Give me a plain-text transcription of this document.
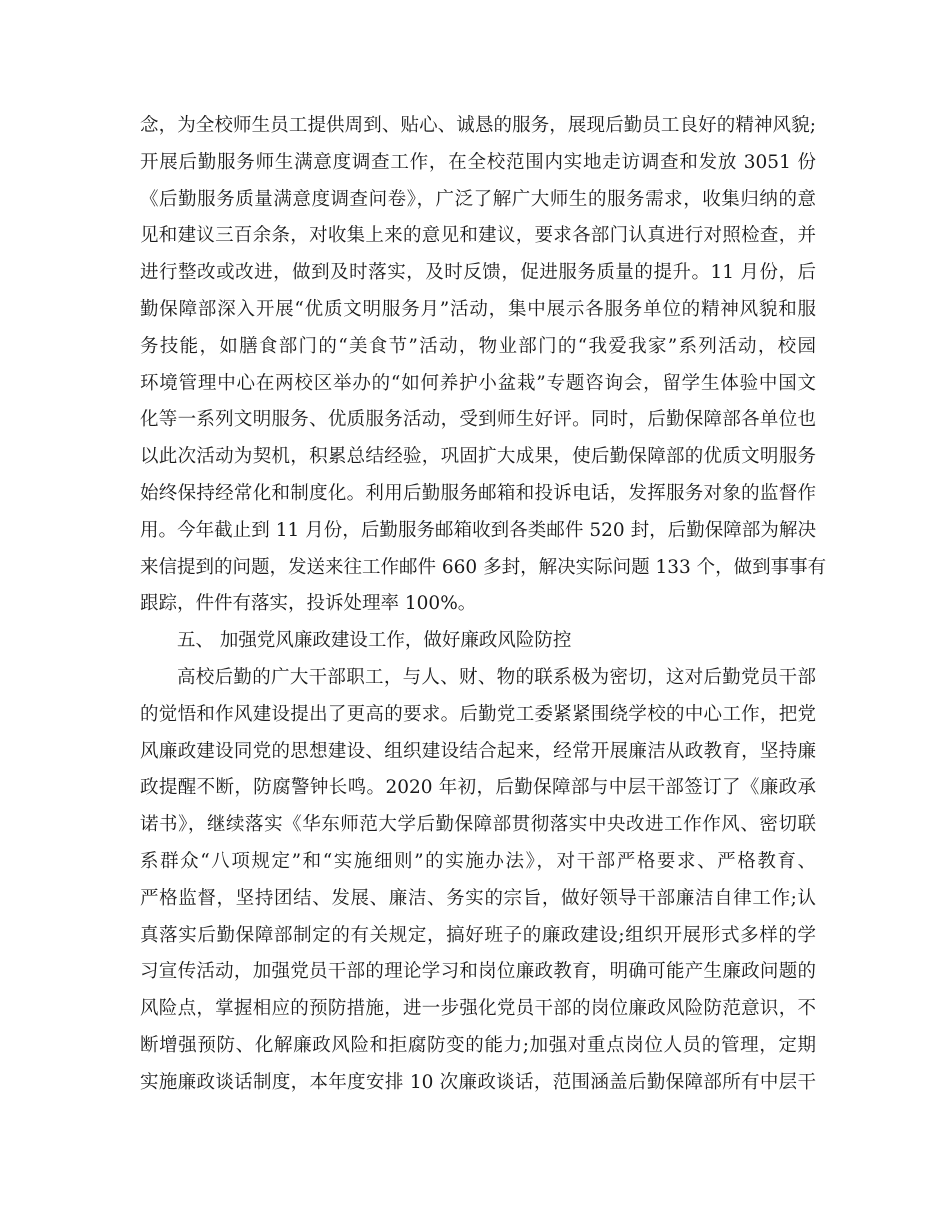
念，为全校师生员工提供周到、贴心、诚恳的服务，展现后勤员工良好的精神风貌;
开展后勤服务师生满意度调查工作，在全校范围内实地走访调查和发放 3051 份
《后勤服务质量满意度调查问卷》，广泛了解广大师生的服务需求，收集归纳的意
见和建议三百余条，对收集上来的意见和建议，要求各部门认真进行对照检查，并
进行整改或改进，做到及时落实，及时反馈，促进服务质量的提升。11 月份，后
勤保障部深入开展“优质文明服务月”活动，集中展示各服务单位的精神风貌和服
务技能，如膳食部门的“美食节”活动，物业部门的“我爱我家”系列活动，校园
环境管理中心在两校区举办的“如何养护小盆栽”专题咨询会，留学生体验中国文
化等一系列文明服务、优质服务活动，受到师生好评。同时，后勤保障部各单位也
以此次活动为契机，积累总结经验，巩固扩大成果，使后勤保障部的优质文明服务
始终保持经常化和制度化。利用后勤服务邮箱和投诉电话，发挥服务对象的监督作
用。今年截止到 11 月份，后勤服务邮箱收到各类邮件 520 封，后勤保障部为解决
来信提到的问题，发送来往工作邮件 660 多封，解决实际问题 133 个，做到事事有
跟踪，件件有落实，投诉处理率 100%。
五、 加强党风廉政建设工作，做好廉政风险防控
高校后勤的广大干部职工，与人、财、物的联系极为密切，这对后勤党员干部
的觉悟和作风建设提出了更高的要求。后勤党工委紧紧围绕学校的中心工作，把党
风廉政建设同党的思想建设、组织建设结合起来，经常开展廉洁从政教育，坚持廉
政提醒不断，防腐警钟长鸣。2020 年初，后勤保障部与中层干部签订了《廉政承
诺书》，继续落实《华东师范大学后勤保障部贯彻落实中央改进工作作风、密切联
系群众“八项规定”和“实施细则”的实施办法》，对干部严格要求、严格教育、
严格监督，坚持团结、发展、廉洁、务实的宗旨，做好领导干部廉洁自律工作;认
真落实后勤保障部制定的有关规定，搞好班子的廉政建设;组织开展形式多样的学
习宣传活动，加强党员干部的理论学习和岗位廉政教育，明确可能产生廉政问题的
风险点，掌握相应的预防措施，进一步强化党员干部的岗位廉政风险防范意识，不
断增强预防、化解廉政风险和拒腐防变的能力;加强对重点岗位人员的管理，定期
实施廉政谈话制度，本年度安排 10 次廉政谈话，范围涵盖后勤保障部所有中层干
